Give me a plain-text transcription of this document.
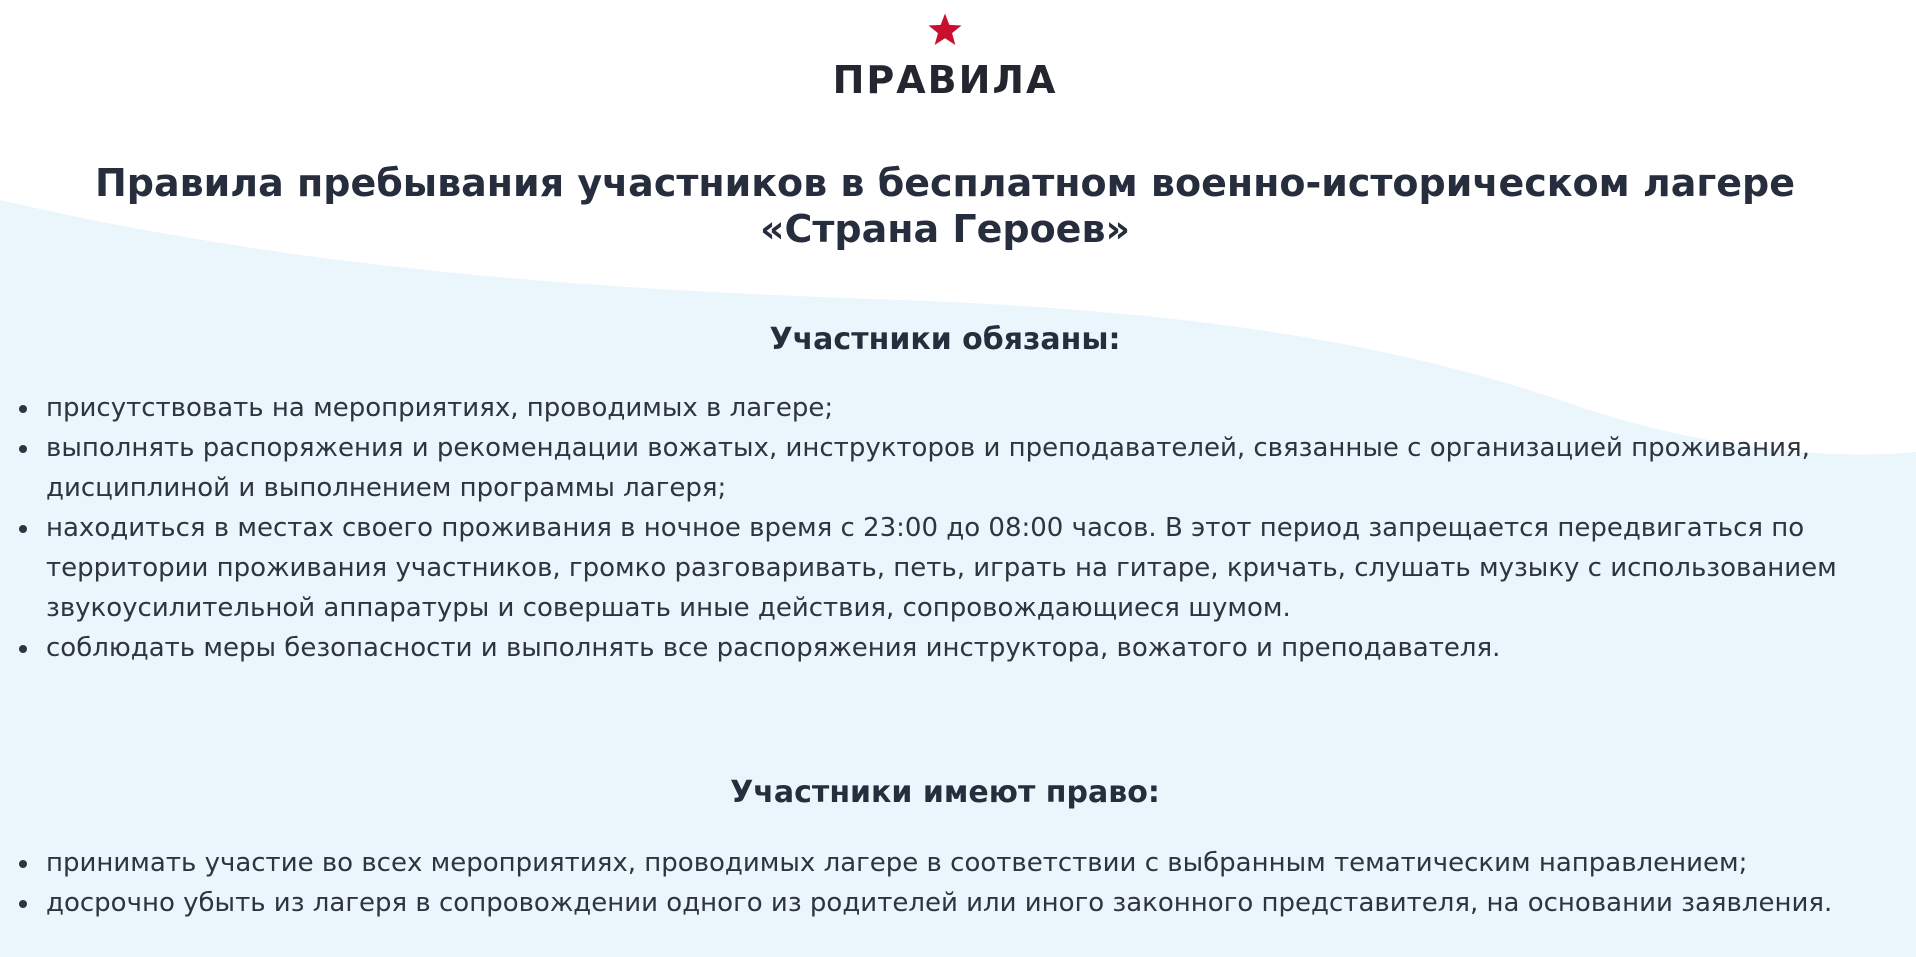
ПРАВИЛА
Правила пребывания участников в бесплатном военно-историческом лагере «Страна Героев»
Участники обязаны:
присутствовать на мероприятиях, проводимых в лагере;
выполнять распоряжения и рекомендации вожатых, инструкторов и преподавателей, связанные с организацией проживания, дисциплиной и выполнением программы лагеря;
находиться в местах своего проживания в ночное время с 23:00 до 08:00 часов. В этот период запрещается передвигаться по территории проживания участников, громко разговаривать, петь, играть на гитаре, кричать, слушать музыку с использованием звукоусилительной аппаратуры и совершать иные действия, сопровождающиеся шумом.
соблюдать меры безопасности и выполнять все распоряжения инструктора, вожатого и преподавателя.
Участники имеют право:
принимать участие во всех мероприятиях, проводимых лагере в соответствии с выбранным тематическим направлением;
досрочно убыть из лагеря в сопровождении одного из родителей или иного законного представителя, на основании заявления.
